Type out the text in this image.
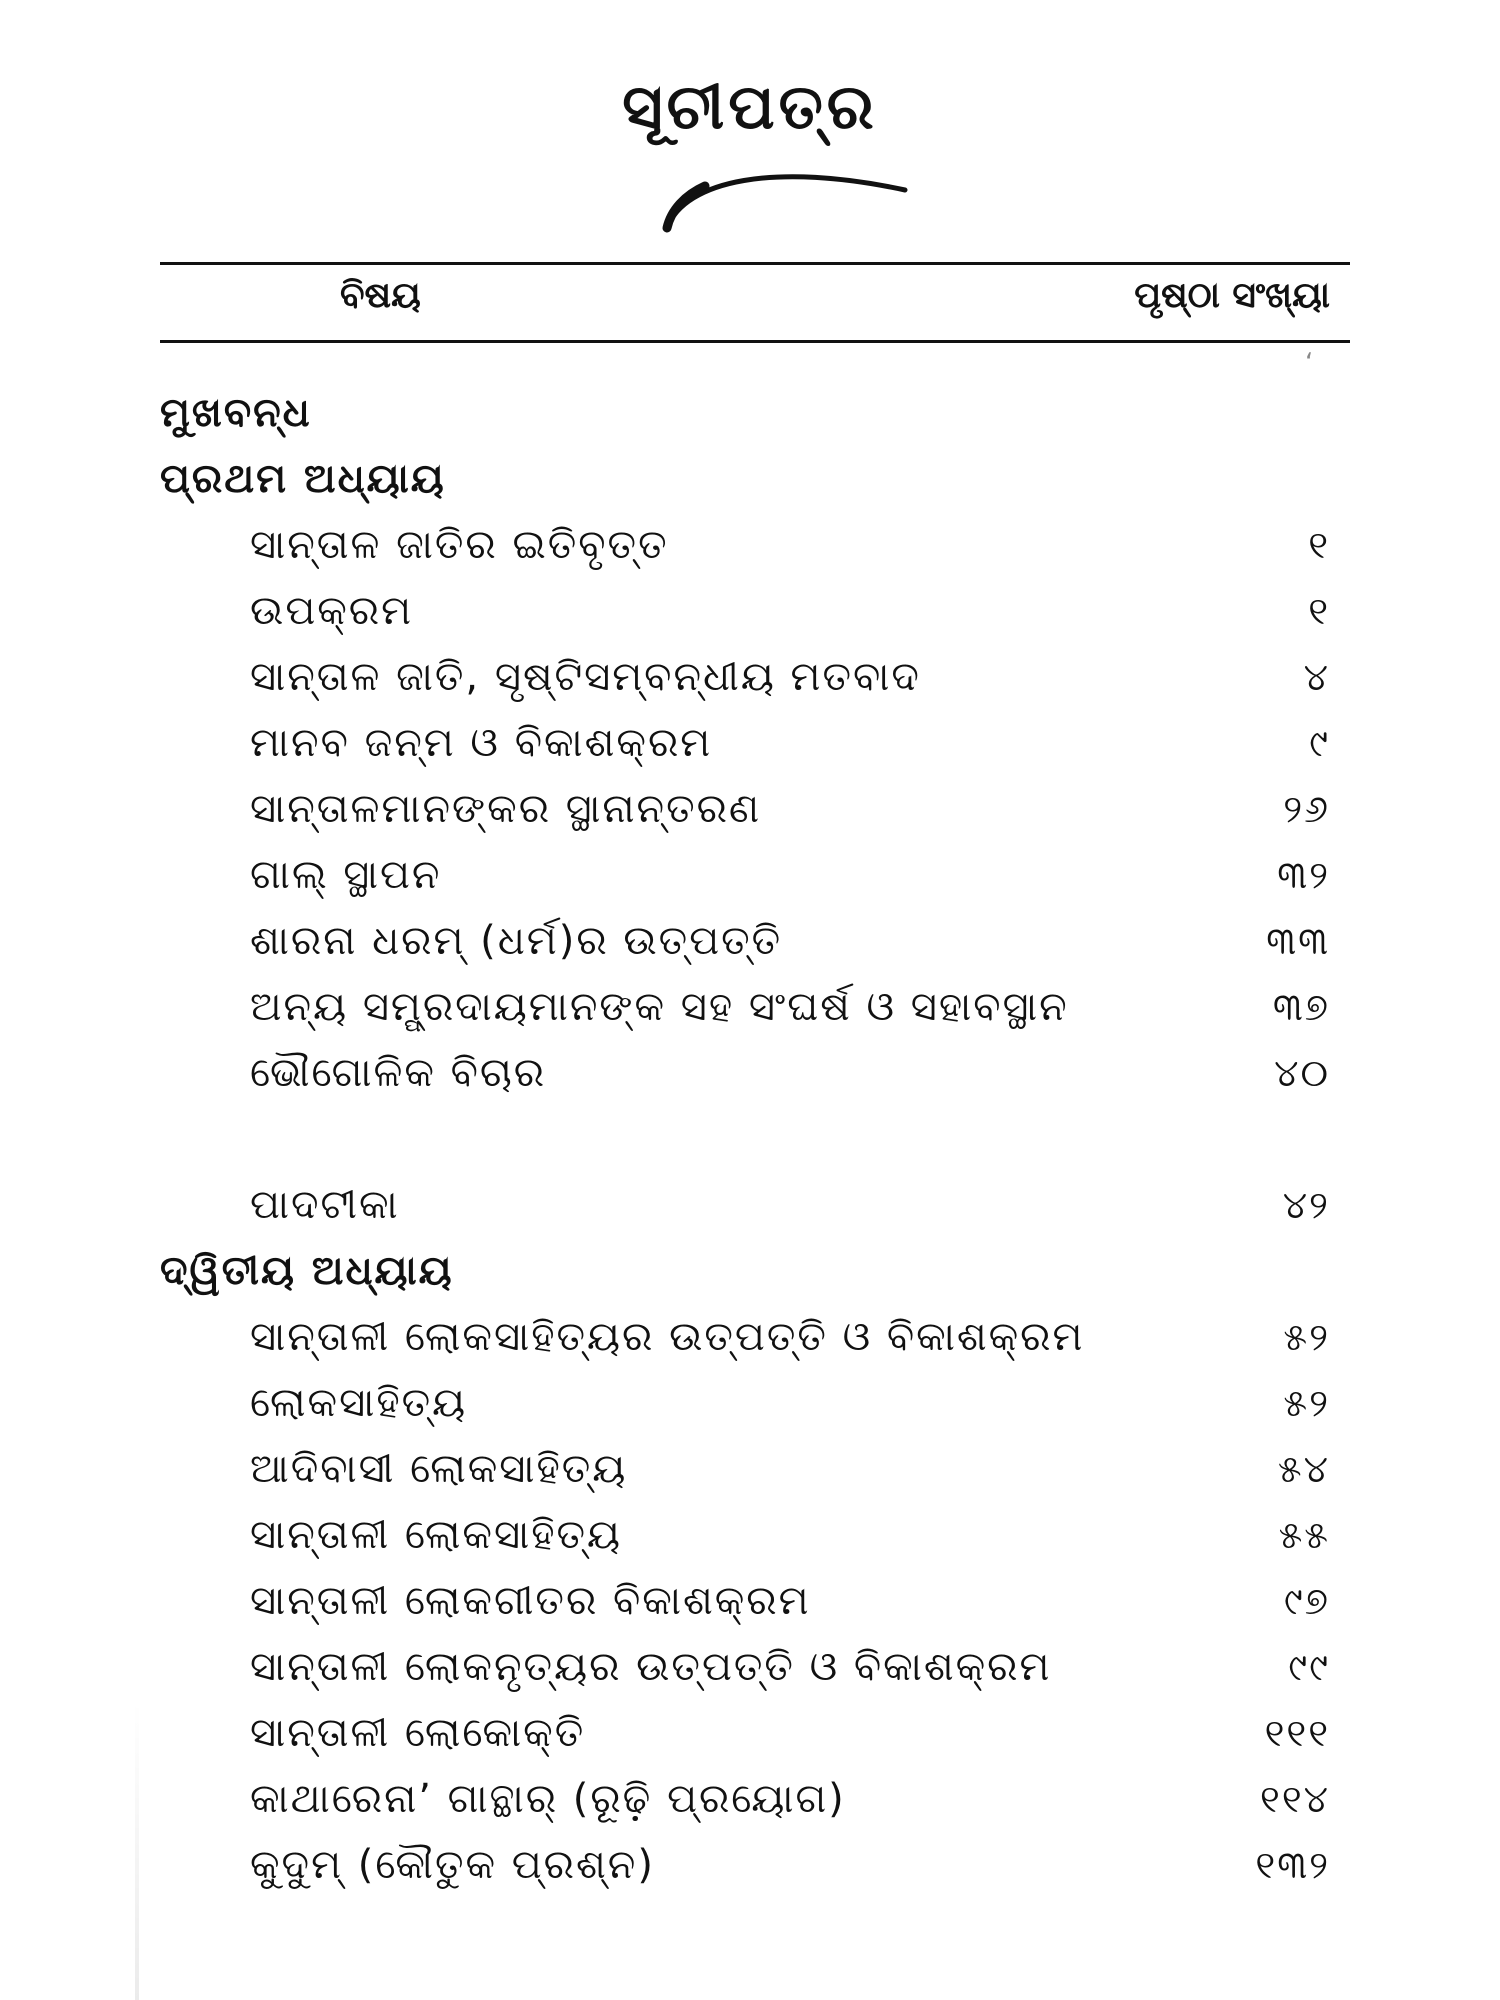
ସୂଚୀପତ୍ର
ବିଷୟ	ପୃଷ୍ଠା ସଂଖ୍ୟା
ʻ
ମୁଖବନ୍ଧ
ପ୍ରଥମ ଅଧ୍ୟାୟ
ସାନ୍ତାଳ ଜାତିର ଇତିବୃତ୍ତ	୧
ଉପକ୍ରମ	୧
ସାନ୍ତାଳ ଜାତି, ସୃଷ୍ଟିସମ୍ବନ୍ଧୀୟ ମତବାଦ	୪
ମାନବ ଜନ୍ମ ଓ ବିକାଶକ୍ରମ	୯
ସାନ୍ତାଳମାନଙ୍କର ସ୍ଥାନାନ୍ତରଣ	୨୬
ଗାଲ୍ ସ୍ଥାପନ	୩୨
ଶାରନା ଧରମ୍ (ଧର୍ମ)ର ଉତ୍ପତ୍ତି	୩୩
ଅନ୍ୟ ସମ୍ପ୍ରଦାୟମାନଙ୍କ ସହ ସଂଘର୍ଷ ଓ ସହାବସ୍ଥାନ	୩୭
ଭୌଗୋଳିକ ବିଚାର	୪୦
ପାଦଟୀକା	୪୨
ଦ୍ୱିତୀୟ ଅଧ୍ୟାୟ
ସାନ୍ତାଳୀ ଲୋକସାହିତ୍ୟର ଉତ୍ପତ୍ତି ଓ ବିକାଶକ୍ରମ	୫୨
ଲୋକସାହିତ୍ୟ	୫୨
ଆଦିବାସୀ ଲୋକସାହିତ୍ୟ	୫୪
ସାନ୍ତାଳୀ ଲୋକସାହିତ୍ୟ	୫୫
ସାନ୍ତାଳୀ ଲୋକଗୀତର ବିକାଶକ୍ରମ	୯୭
ସାନ୍ତାଳୀ ଲୋକନୃତ୍ୟର ଉତ୍ପତ୍ତି ଓ ବିକାଶକ୍ରମ	୯୯
ସାନ୍ତାଳୀ ଲୋକୋକ୍ତି	୧୧୧
କାଥାରେନା’ ଗାନ୍ଥାର୍ (ରୂଢ଼ି ପ୍ରୟୋଗ)	୧୧୪
କୁଦୁମ୍ (କୌତୁକ ପ୍ରଶ୍ନ)	୧୩୨
